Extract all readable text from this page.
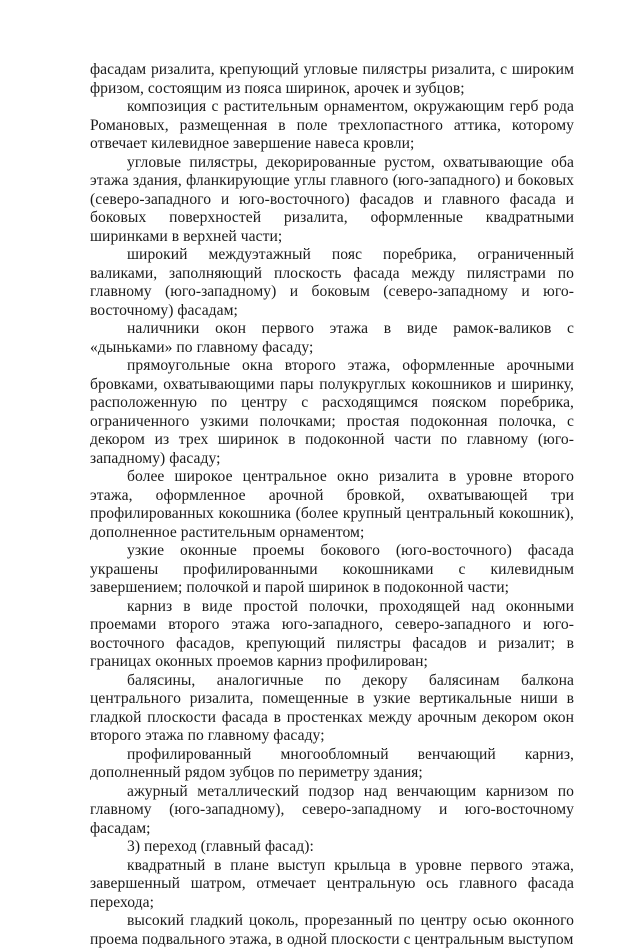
фасадам ризалита, крепующий угловые пилястры ризалита, с широким фризом, состоящим из пояса ширинок, арочек и зубцов;

композиция с растительным орнаментом, окружающим герб рода Романовых, размещенная в поле трехлопастного аттика, которому отвечает килевидное завершение навеса кровли;

угловые пилястры, декорированные рустом, охватывающие оба этажа здания, фланкирующие углы главного (юго-западного) и боковых (северо-западного и юго-восточного) фасадов и главного фасада и боковых поверхностей ризалита, оформленные квадратными ширинками в верхней части;

широкий междуэтажный пояс поребрика, ограниченный валиками, заполняющий плоскость фасада между пилястрами по главному (юго-западному) и боковым (северо-западному и юго-восточному) фасадам;

наличники окон первого этажа в виде рамок-валиков с «дыньками» по главному фасаду;

прямоугольные окна второго этажа, оформленные арочными бровками, охватывающими пары полукруглых кокошников и ширинку, расположенную по центру с расходящимся пояском поребрика, ограниченного узкими полочками; простая подоконная полочка, с декором из трех ширинок в подоконной части по главному (юго-западному) фасаду;

более широкое центральное окно ризалита в уровне второго этажа, оформленное арочной бровкой, охватывающей три профилированных кокошника (более крупный центральный кокошник), дополненное растительным орнаментом;

узкие оконные проемы бокового (юго-восточного) фасада украшены профилированными кокошниками с килевидным завершением; полочкой и парой ширинок в подоконной части;

карниз в виде простой полочки, проходящей над оконными проемами второго этажа юго-западного, северо-западного и юго-восточного фасадов, крепующий пилястры фасадов и ризалит; в границах оконных проемов карниз профилирован;

балясины, аналогичные по декору балясинам балкона центрального ризалита, помещенные в узкие вертикальные ниши в гладкой плоскости фасада в простенках между арочным декором окон второго этажа по главному фасаду;

профилированный многообломный венчающий карниз, дополненный рядом зубцов по периметру здания;

ажурный металлический подзор над венчающим карнизом по главному (юго-западному), северо-западному и юго-восточному фасадам;

3) переход (главный фасад):

квадратный в плане выступ крыльца в уровне первого этажа, завершенный шатром, отмечает центральную ось главного фасада перехода;

высокий гладкий цоколь, прорезанный по центру осью оконного проема подвального этажа, в одной плоскости с центральным выступом
